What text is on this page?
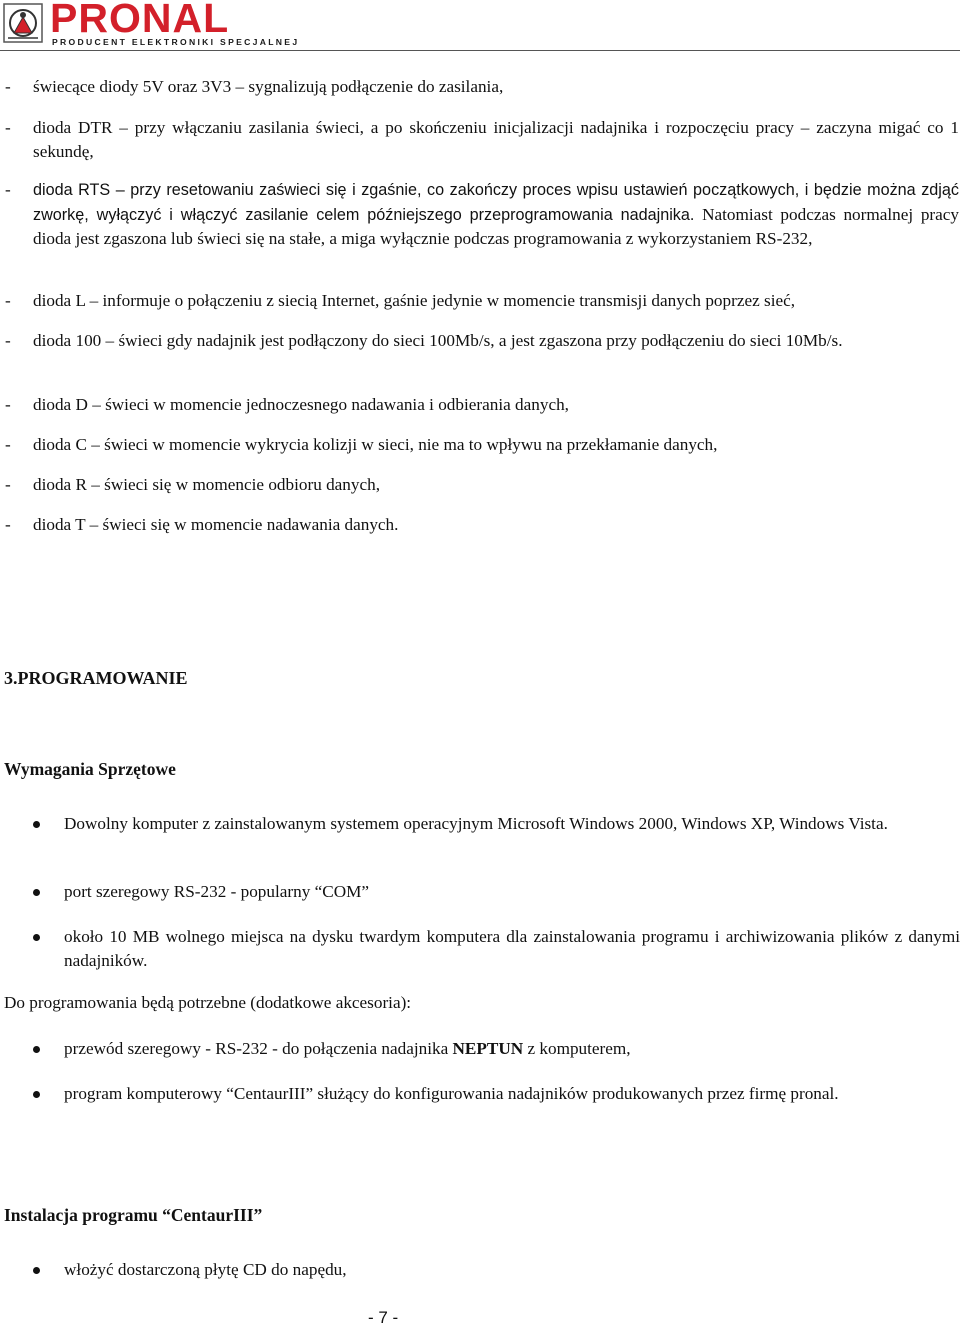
PRONAL
PRODUCENT ELEKTRONIKI SPECJALNEJ
- świecące diody 5V oraz 3V3 – sygnalizują podłączenie do zasilania,
- dioda DTR – przy włączaniu zasilania świeci, a po skończeniu inicjalizacji nadajnika i rozpoczęciu pracy – zaczyna migać co 1 sekundę,
- dioda RTS – przy resetowaniu zaświeci się i zgaśnie, co zakończy proces wpisu ustawień początkowych, i będzie można zdjąć zworkę, wyłączyć i włączyć zasilanie celem późniejszego przeprogramowania nadajnika. Natomiast podczas normalnej pracy dioda jest zgaszona lub świeci się na stałe, a miga wyłącznie podczas programowania z wykorzystaniem RS-232,
- dioda L – informuje o połączeniu z siecią Internet, gaśnie jedynie w momencie transmisji danych poprzez sieć,
- dioda 100 – świeci gdy nadajnik jest podłączony do sieci 100Mb/s, a jest zgaszona przy podłączeniu do sieci 10Mb/s.
- dioda D – świeci w momencie jednoczesnego nadawania i odbierania danych,
- dioda C – świeci w momencie wykrycia kolizji w sieci, nie ma to wpływu na przekłamanie danych,
- dioda R – świeci się w momencie odbioru danych,
- dioda T – świeci się w momencie nadawania danych.
3.PROGRAMOWANIE
Wymagania Sprzętowe
Dowolny komputer z zainstalowanym systemem operacyjnym Microsoft Windows 2000, Windows XP, Windows Vista.
port szeregowy RS-232 - popularny “COM”
około 10 MB wolnego miejsca na dysku twardym komputera dla zainstalowania programu i archiwizowania plików z danymi nadajników.
Do programowania będą potrzebne (dodatkowe akcesoria):
przewód szeregowy - RS-232 - do połączenia nadajnika NEPTUN z komputerem,
program komputerowy “CentaurIII” służący do konfigurowania nadajników produkowanych przez firmę pronal.
Instalacja programu “CentaurIII”
włożyć dostarczoną płytę CD do napędu,
- 7 -
